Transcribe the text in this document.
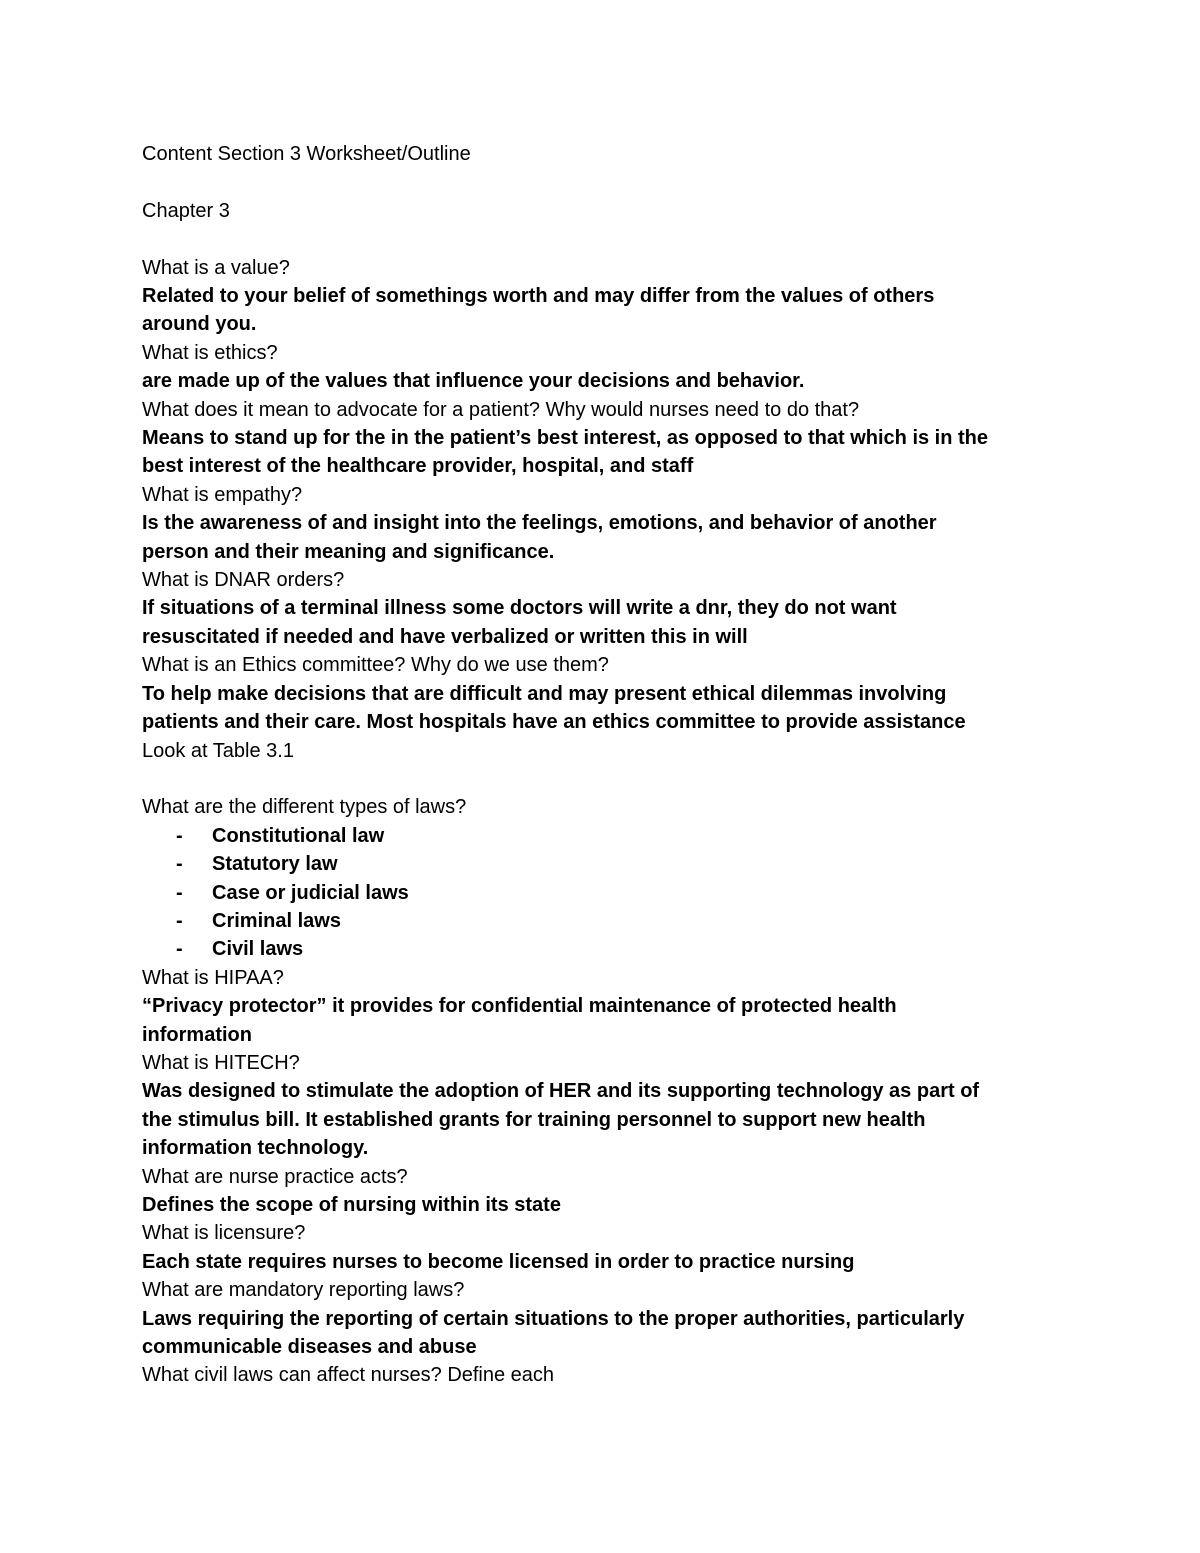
Content Section 3 Worksheet/Outline
Chapter 3
What is a value?
Related to your belief of somethings worth and may differ from the values of others
around you.
What is ethics?
are made up of the values that influence your decisions and behavior.
What does it mean to advocate for a patient? Why would nurses need to do that?
Means to stand up for the in the patient’s best interest, as opposed to that which is in the
best interest of the healthcare provider, hospital, and staff
What is empathy?
Is the awareness of and insight into the feelings, emotions, and behavior of another
person and their meaning and significance.
What is DNAR orders?
If situations of a terminal illness some doctors will write a dnr, they do not want
resuscitated if needed and have verbalized or written this in will
What is an Ethics committee? Why do we use them?
To help make decisions that are difficult and may present ethical dilemmas involving
patients and their care. Most hospitals have an ethics committee to provide assistance
Look at Table 3.1
What are the different types of laws?
-	Constitutional law
-	Statutory law
-	Case or judicial laws
-	Criminal laws
-	Civil laws
What is HIPAA?
“Privacy protector” it provides for confidential maintenance of protected health
information
What is HITECH?
Was designed to stimulate the adoption of HER and its supporting technology as part of
the stimulus bill. It established grants for training personnel to support new health
information technology.
What are nurse practice acts?
Defines the scope of nursing within its state
What is licensure?
Each state requires nurses to become licensed in order to practice nursing
What are mandatory reporting laws?
Laws requiring the reporting of certain situations to the proper authorities, particularly
communicable diseases and abuse
What civil laws can affect nurses? Define each
